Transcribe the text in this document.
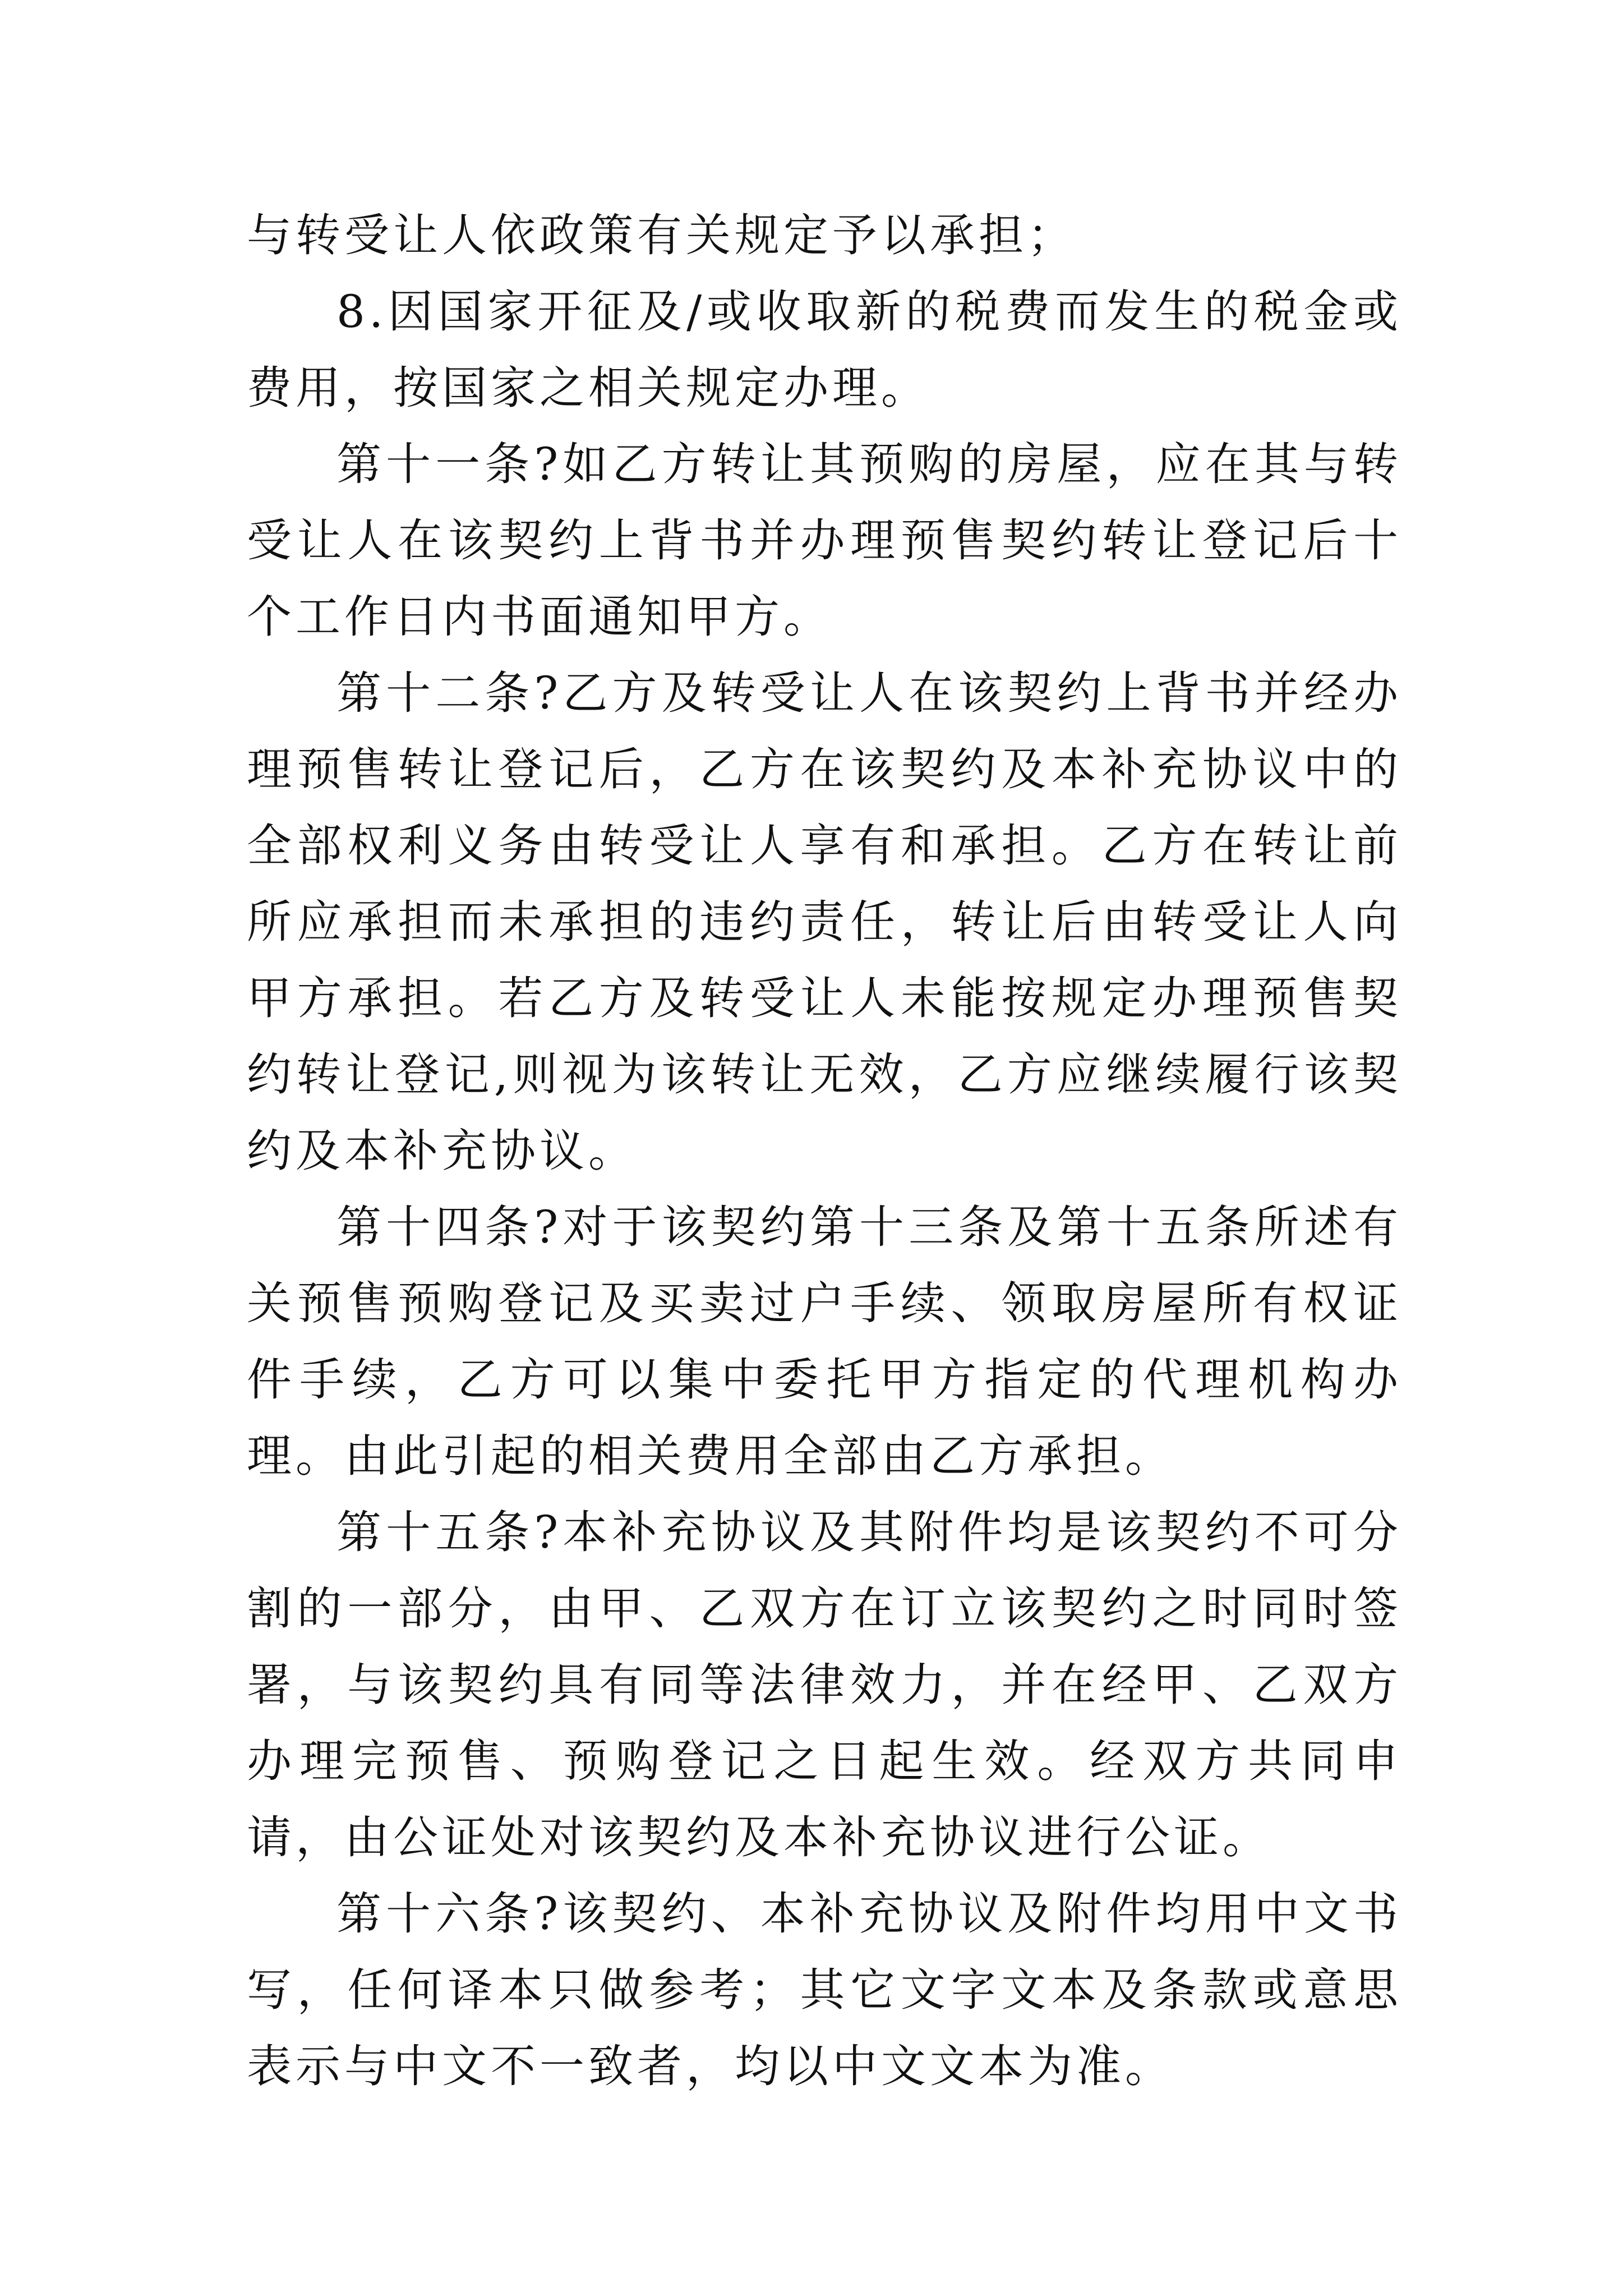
与转受让人依政策有关规定予以承担；

8.因国家开征及/或收取新的税费而发生的税金或费用，按国家之相关规定办理。

第十一条?如乙方转让其预购的房屋，应在其与转受让人在该契约上背书并办理预售契约转让登记后十个工作日内书面通知甲方。

第十二条?乙方及转受让人在该契约上背书并经办理预售转让登记后，乙方在该契约及本补充协议中的全部权利义务由转受让人享有和承担。乙方在转让前所应承担而未承担的违约责任，转让后由转受让人向甲方承担。若乙方及转受让人未能按规定办理预售契约转让登记,则视为该转让无效，乙方应继续履行该契约及本补充协议。

第十四条?对于该契约第十三条及第十五条所述有关预售预购登记及买卖过户手续、领取房屋所有权证件手续，乙方可以集中委托甲方指定的代理机构办理。由此引起的相关费用全部由乙方承担。

第十五条?本补充协议及其附件均是该契约不可分割的一部分，由甲、乙双方在订立该契约之时同时签署，与该契约具有同等法律效力，并在经甲、乙双方办理完预售、预购登记之日起生效。经双方共同申请，由公证处对该契约及本补充协议进行公证。

第十六条?该契约、本补充协议及附件均用中文书写，任何译本只做参考；其它文字文本及条款或意思表示与中文不一致者，均以中文文本为准。
